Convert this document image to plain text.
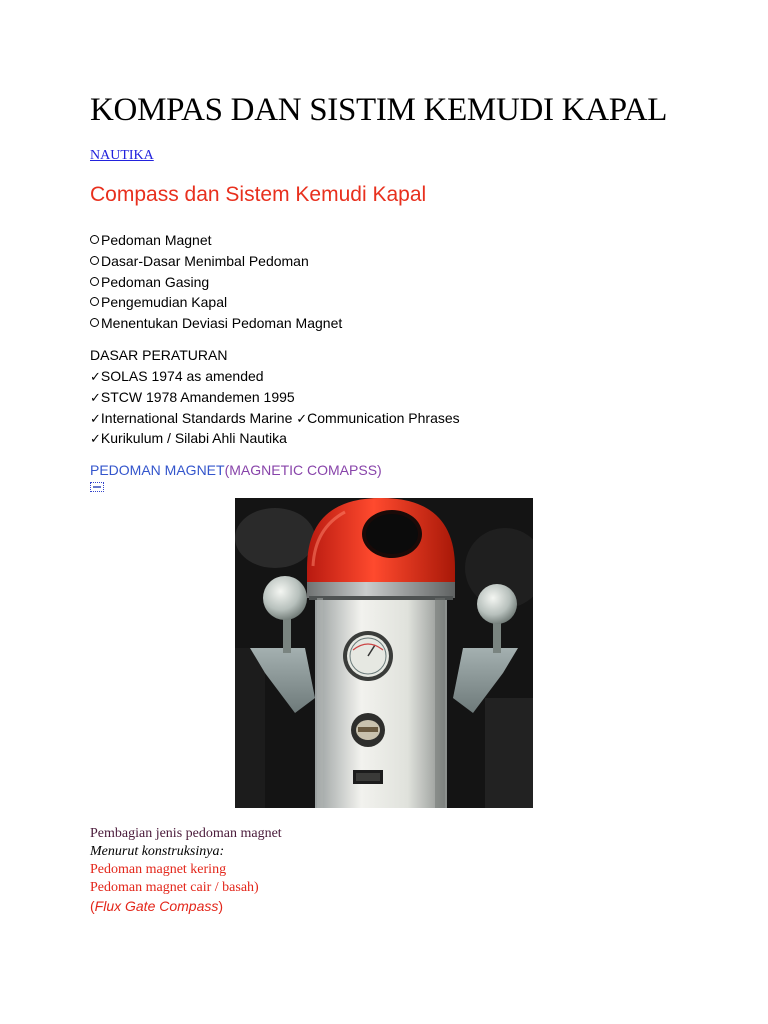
KOMPAS DAN SISTIM KEMUDI KAPAL
NAUTIKA
Compass dan Sistem Kemudi Kapal
Pedoman Magnet
Dasar-Dasar Menimbal Pedoman
Pedoman Gasing
Pengemudian Kapal
Menentukan Deviasi Pedoman Magnet
DASAR PERATURAN
✓SOLAS 1974 as amended
✓STCW 1978 Amandemen 1995
✓International Standards Marine ✓Communication Phrases
✓Kurikulum / Silabi Ahli Nautika
PEDOMAN MAGNET(MAGNETIC COMAPSS)
Pembagian jenis pedoman magnet
Menurut konstruksinya:
Pedoman magnet kering
Pedoman magnet cair / basah)
(Flux Gate Compass)
